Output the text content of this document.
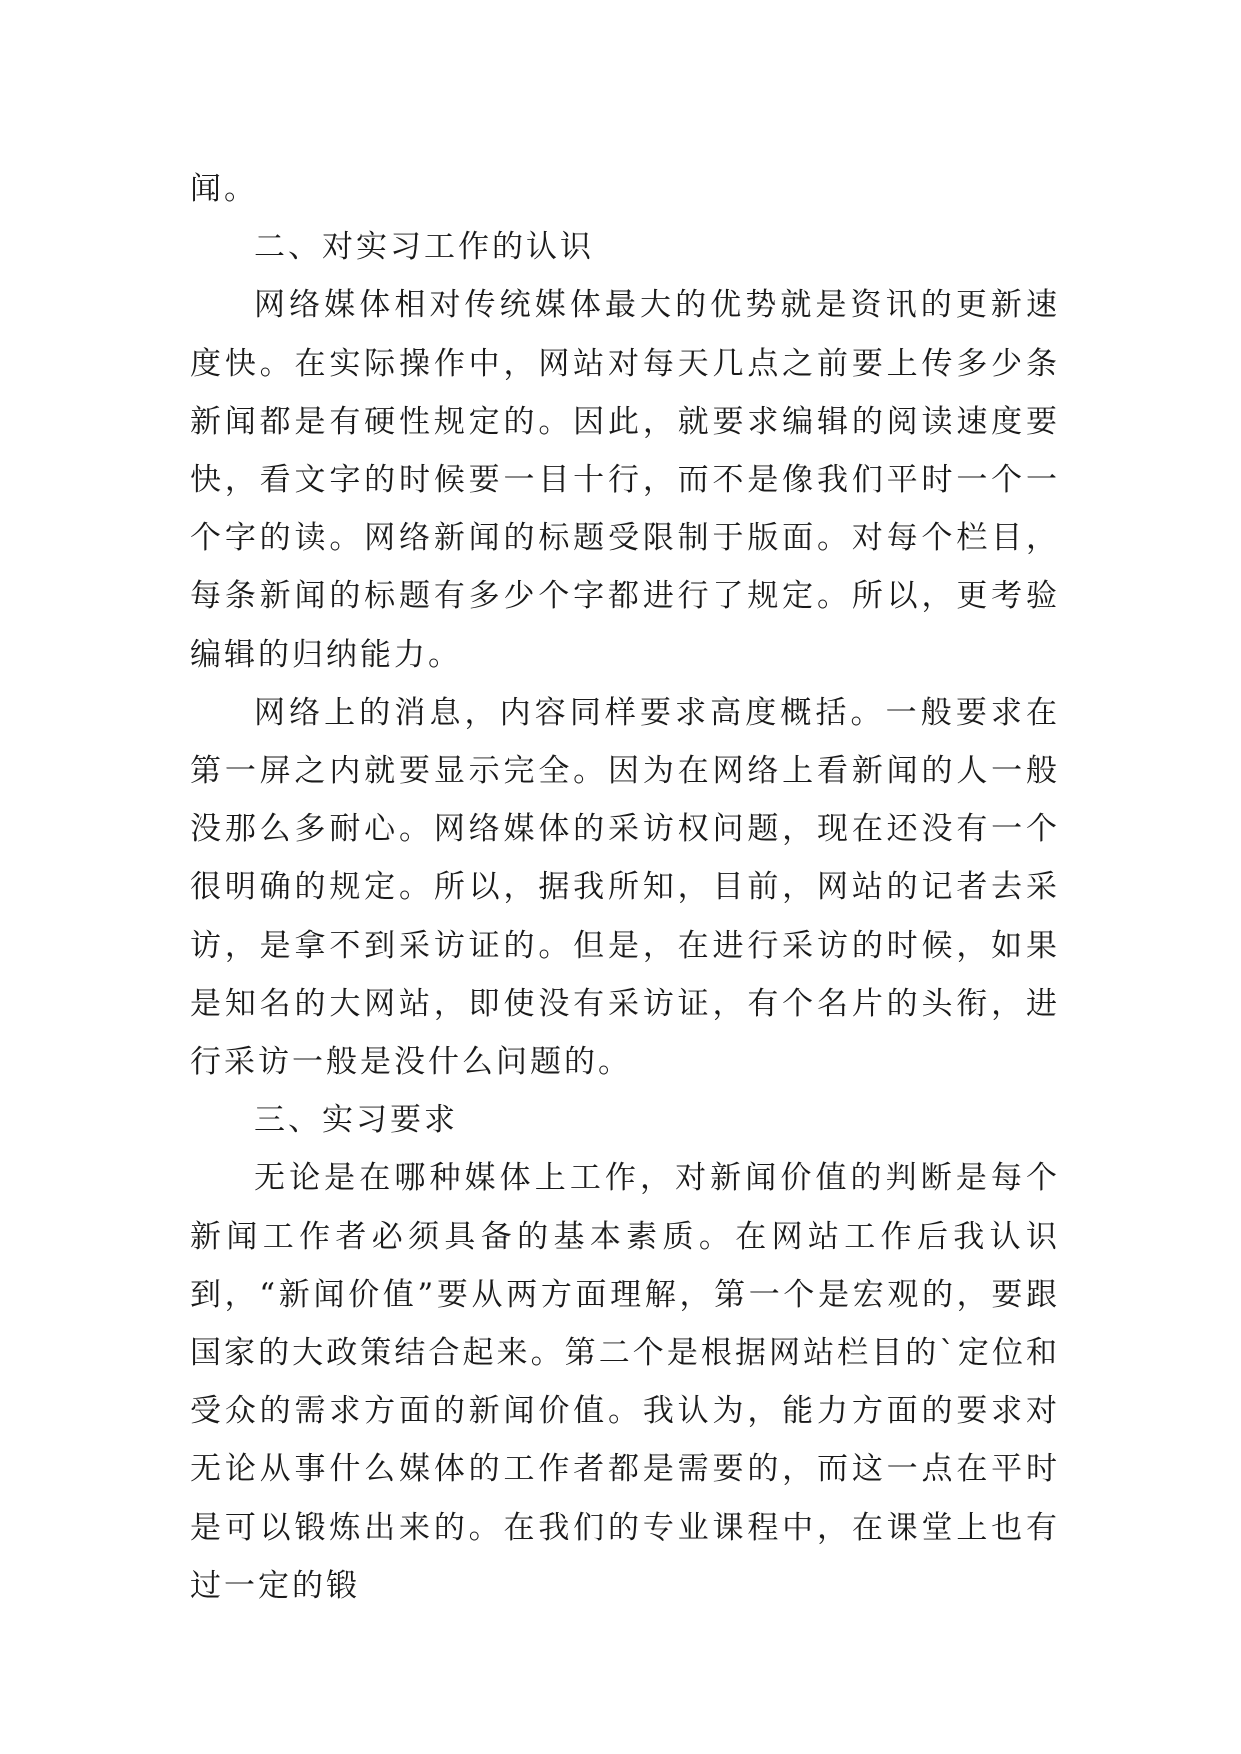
闻。

二、对实习工作的认识

网络媒体相对传统媒体最大的优势就是资讯的更新速度快。在实际操作中，网站对每天几点之前要上传多少条新闻都是有硬性规定的。因此，就要求编辑的阅读速度要快，看文字的时候要一目十行，而不是像我们平时一个一个字的读。网络新闻的标题受限制于版面。对每个栏目，每条新闻的标题有多少个字都进行了规定。所以，更考验编辑的归纳能力。

网络上的消息，内容同样要求高度概括。一般要求在第一屏之内就要显示完全。因为在网络上看新闻的人一般没那么多耐心。网络媒体的采访权问题，现在还没有一个很明确的规定。所以，据我所知，目前，网站的记者去采访，是拿不到采访证的。但是，在进行采访的时候，如果是知名的大网站，即使没有采访证，有个名片的头衔，进行采访一般是没什么问题的。

三、实习要求

无论是在哪种媒体上工作，对新闻价值的判断是每个新闻工作者必须具备的基本素质。在网站工作后我认识到，“新闻价值”要从两方面理解，第一个是宏观的，要跟国家的大政策结合起来。第二个是根据网站栏目的`定位和受众的需求方面的新闻价值。我认为，能力方面的要求对无论从事什么媒体的工作者都是需要的，而这一点在平时是可以锻炼出来的。在我们的专业课程中，在课堂上也有过一定的锻
